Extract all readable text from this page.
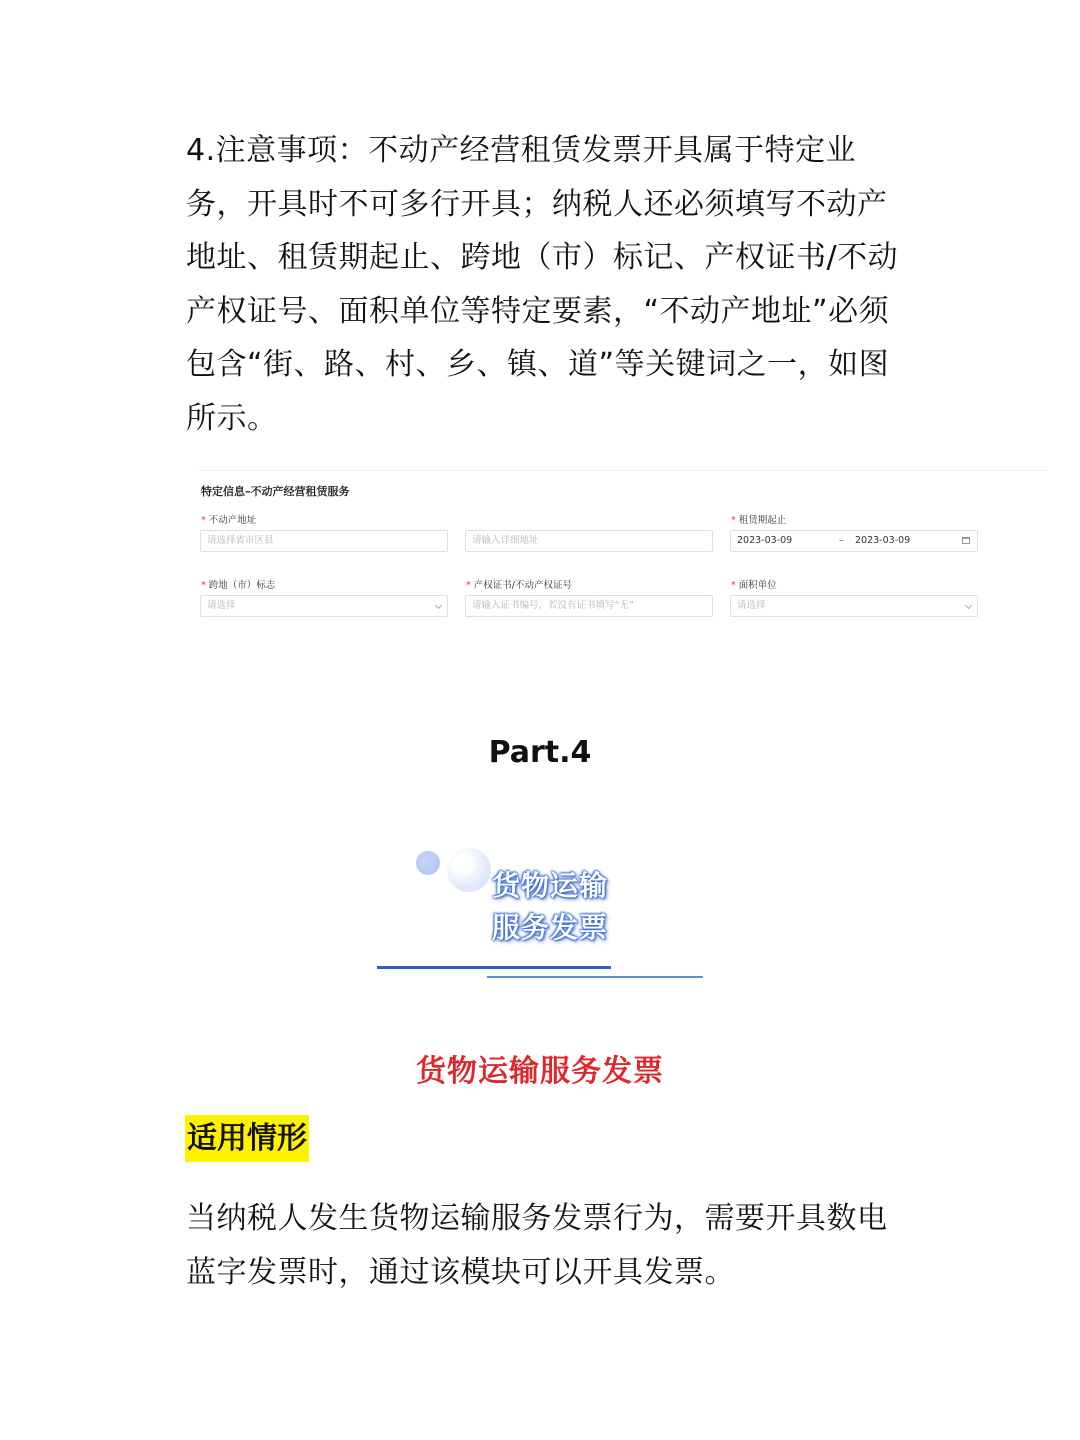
4.注意事项：不动产经营租赁发票开具属于特定业务，开具时不可多行开具；纳税人还必须填写不动产地址、租赁期起止、跨地（市）标记、产权证书/不动产权证号、面积单位等特定要素，“不动产地址”必须包含“街、路、村、乡、镇、道”等关键词之一，如图所示。

特定信息–不动产经营租赁服务
* 不动产地址
请选择省市区县	请输入详细地址
* 租赁期起止
2023-03-09	– 2023-03-09
* 跨地（市）标志
请选择
* 产权证书/不动产权证号
请输入证书编号，若没有证书填写“无”
* 面积单位
请选择
Part.4
货物运输
服务发票
货物运输服务发票
适用情形

当纳税人发生货物运输服务发票行为，需要开具数电蓝字发票时，通过该模块可以开具发票。
